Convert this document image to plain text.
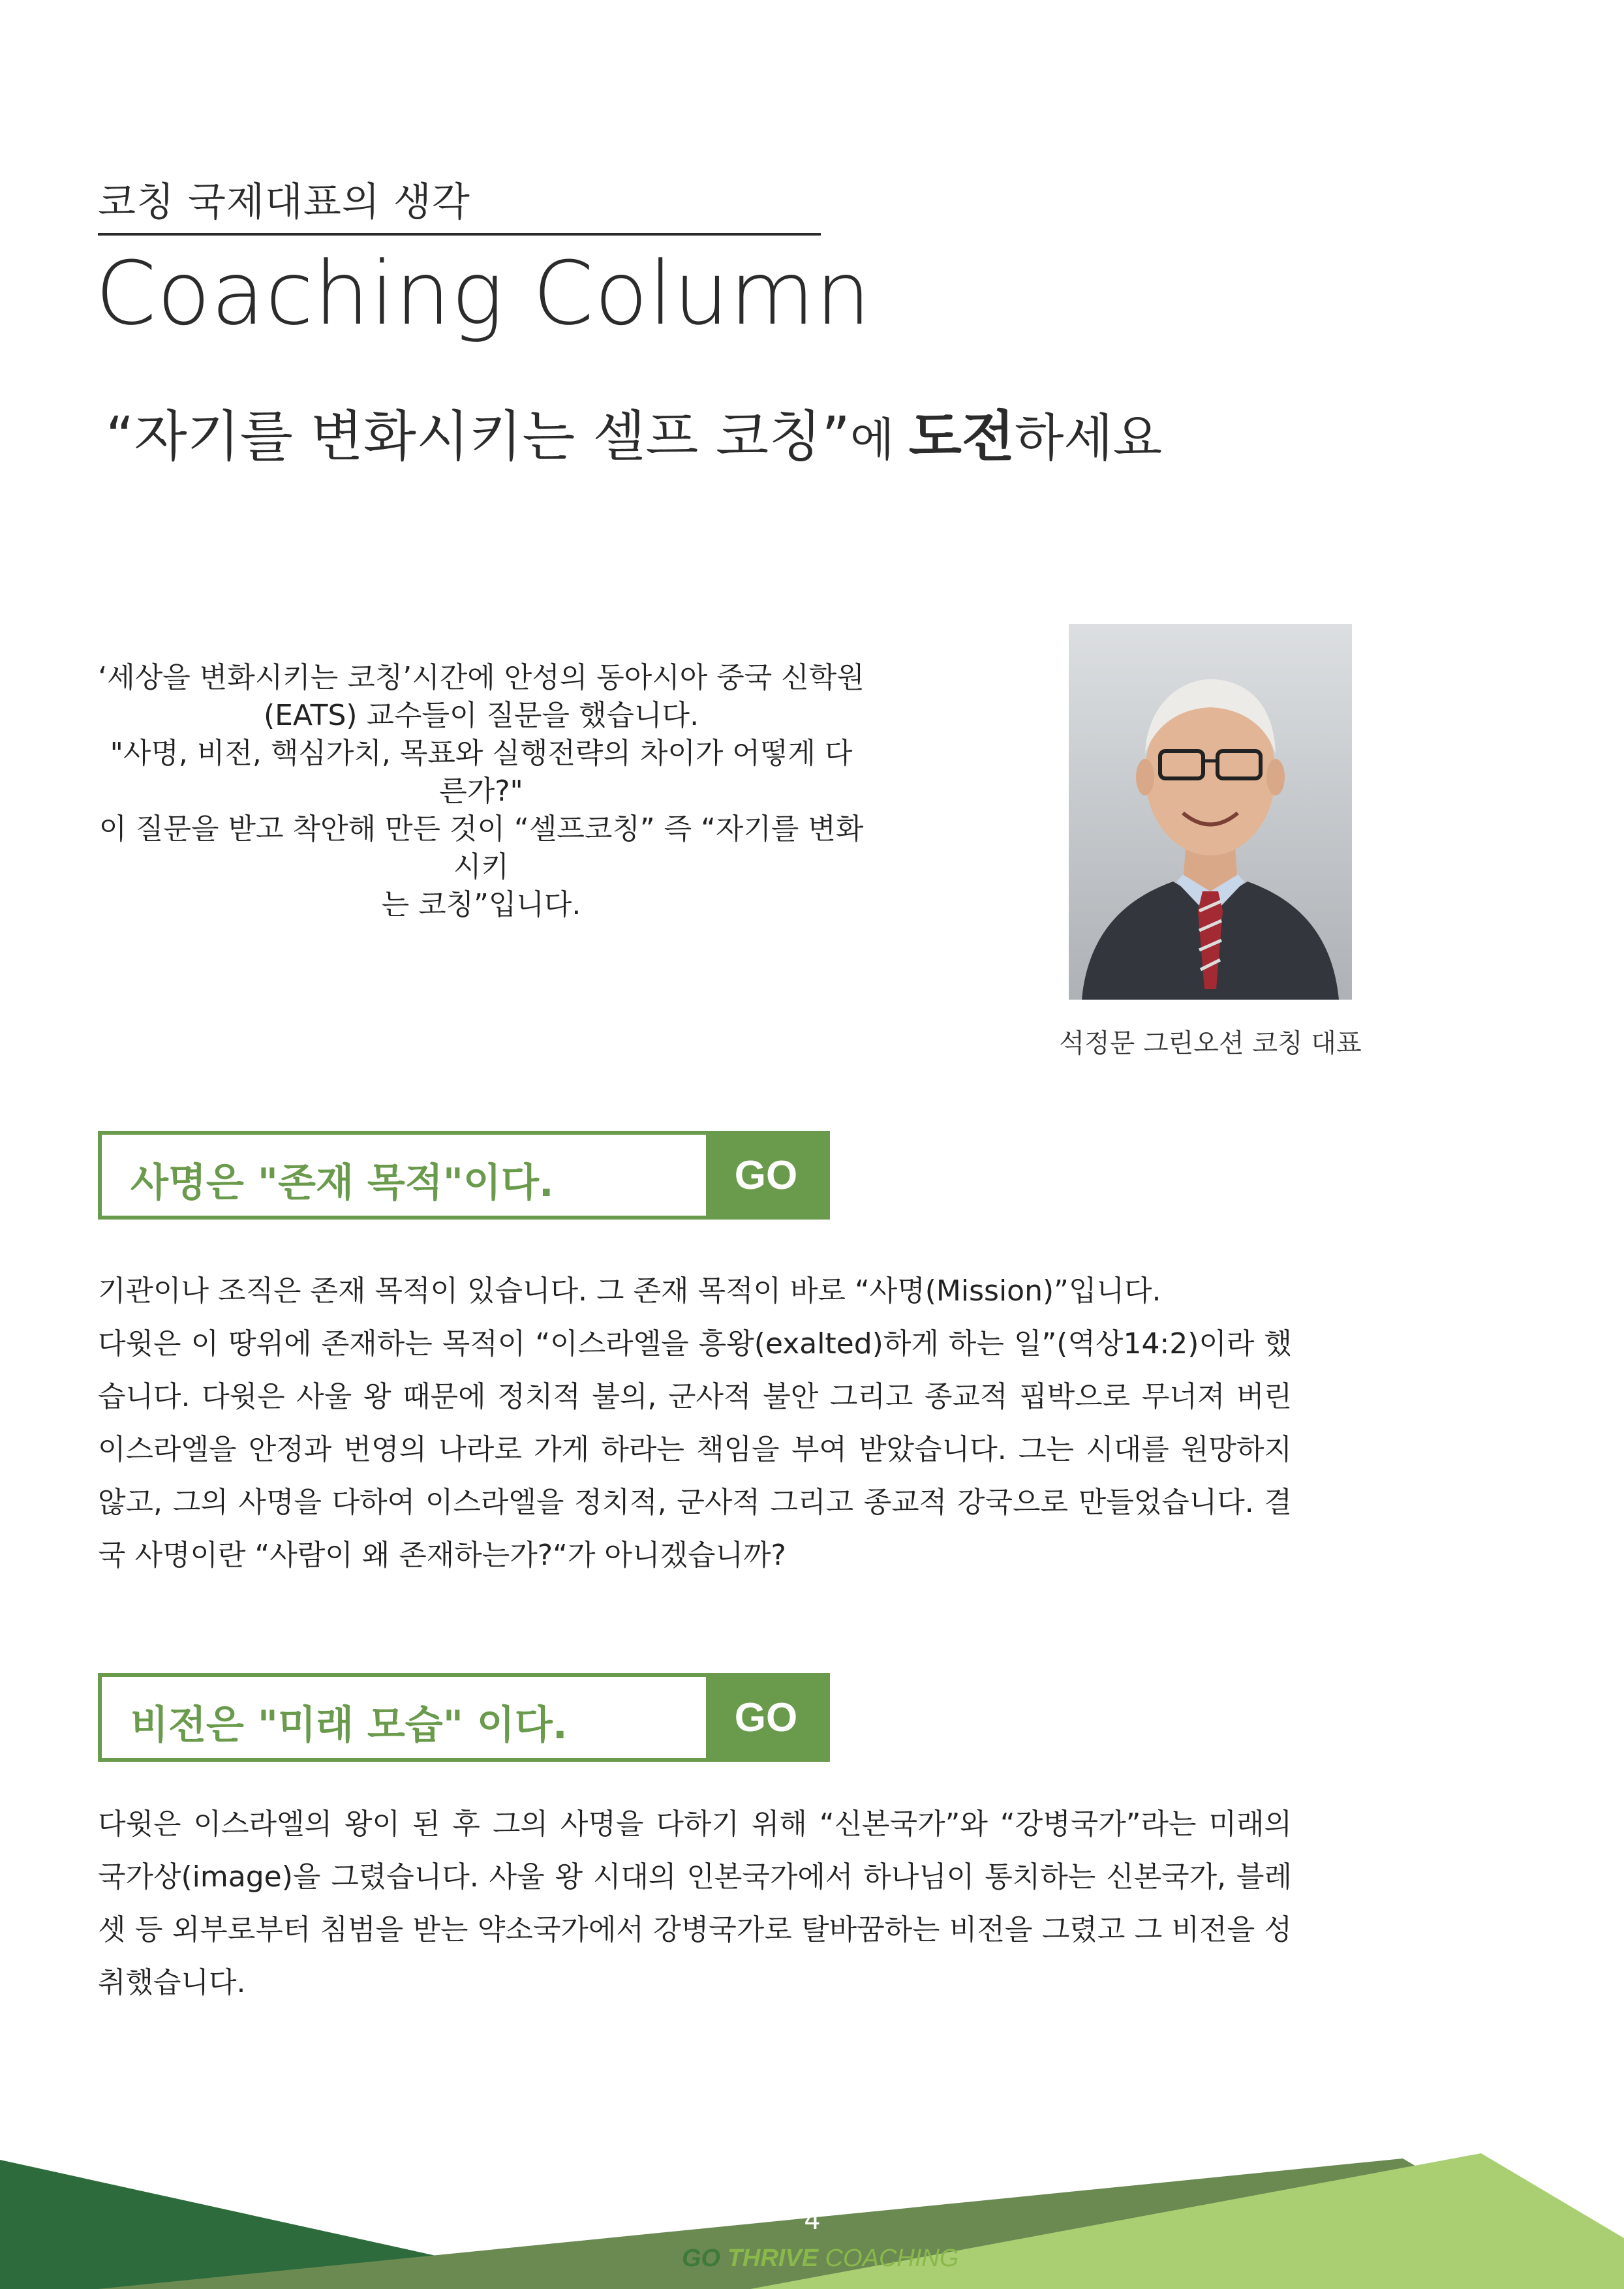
코칭 국제대표의 생각
Coaching Column
“자기를 변화시키는 셀프 코칭”에 도전하세요

‘세상을 변화시키는 코칭’시간에 안성의 동아시아 중국 신학원

(EATS) 교수들이 질문을 했습니다.

"사명, 비전, 핵심가치, 목표와 실행전략의 차이가 어떻게 다른가?"

이 질문을 받고 착안해 만든 것이 “셀프코칭” 즉 “자기를 변화시키

는 코칭”입니다.

석정문 그린오션 코칭 대표
사명은 "존재 목적"이다.	GO

기관이나 조직은 존재 목적이 있습니다. 그 존재 목적이 바로 “사명(Mission)”입니다.

다윗은 이 땅위에 존재하는 목적이 “이스라엘을 흥왕(exalted)하게 하는 일”(역상14:2)이라 했습니다. 다윗은 사울 왕 때문에 정치적 불의, 군사적 불안 그리고 종교적 핍박으로 무너져 버린 이스라엘을 안정과 번영의 나라로 가게 하라는 책임을 부여 받았습니다. 그는 시대를 원망하지 않고, 그의 사명을 다하여 이스라엘을 정치적, 군사적 그리고 종교적 강국으로 만들었습니다. 결국 사명이란 “사람이 왜 존재하는가?“가 아니겠습니까?

비전은 "미래 모습" 이다.	GO

다윗은 이스라엘의 왕이 된 후 그의 사명을 다하기 위해 “신본국가”와 “강병국가”라는 미래의 국가상(image)을 그렸습니다. 사울 왕 시대의 인본국가에서 하나님이 통치하는 신본국가, 블레셋 등 외부로부터 침범을 받는 약소국가에서 강병국가로 탈바꿈하는 비전을 그렸고 그 비전을 성취했습니다.

4
GO THRIVE COACHING
